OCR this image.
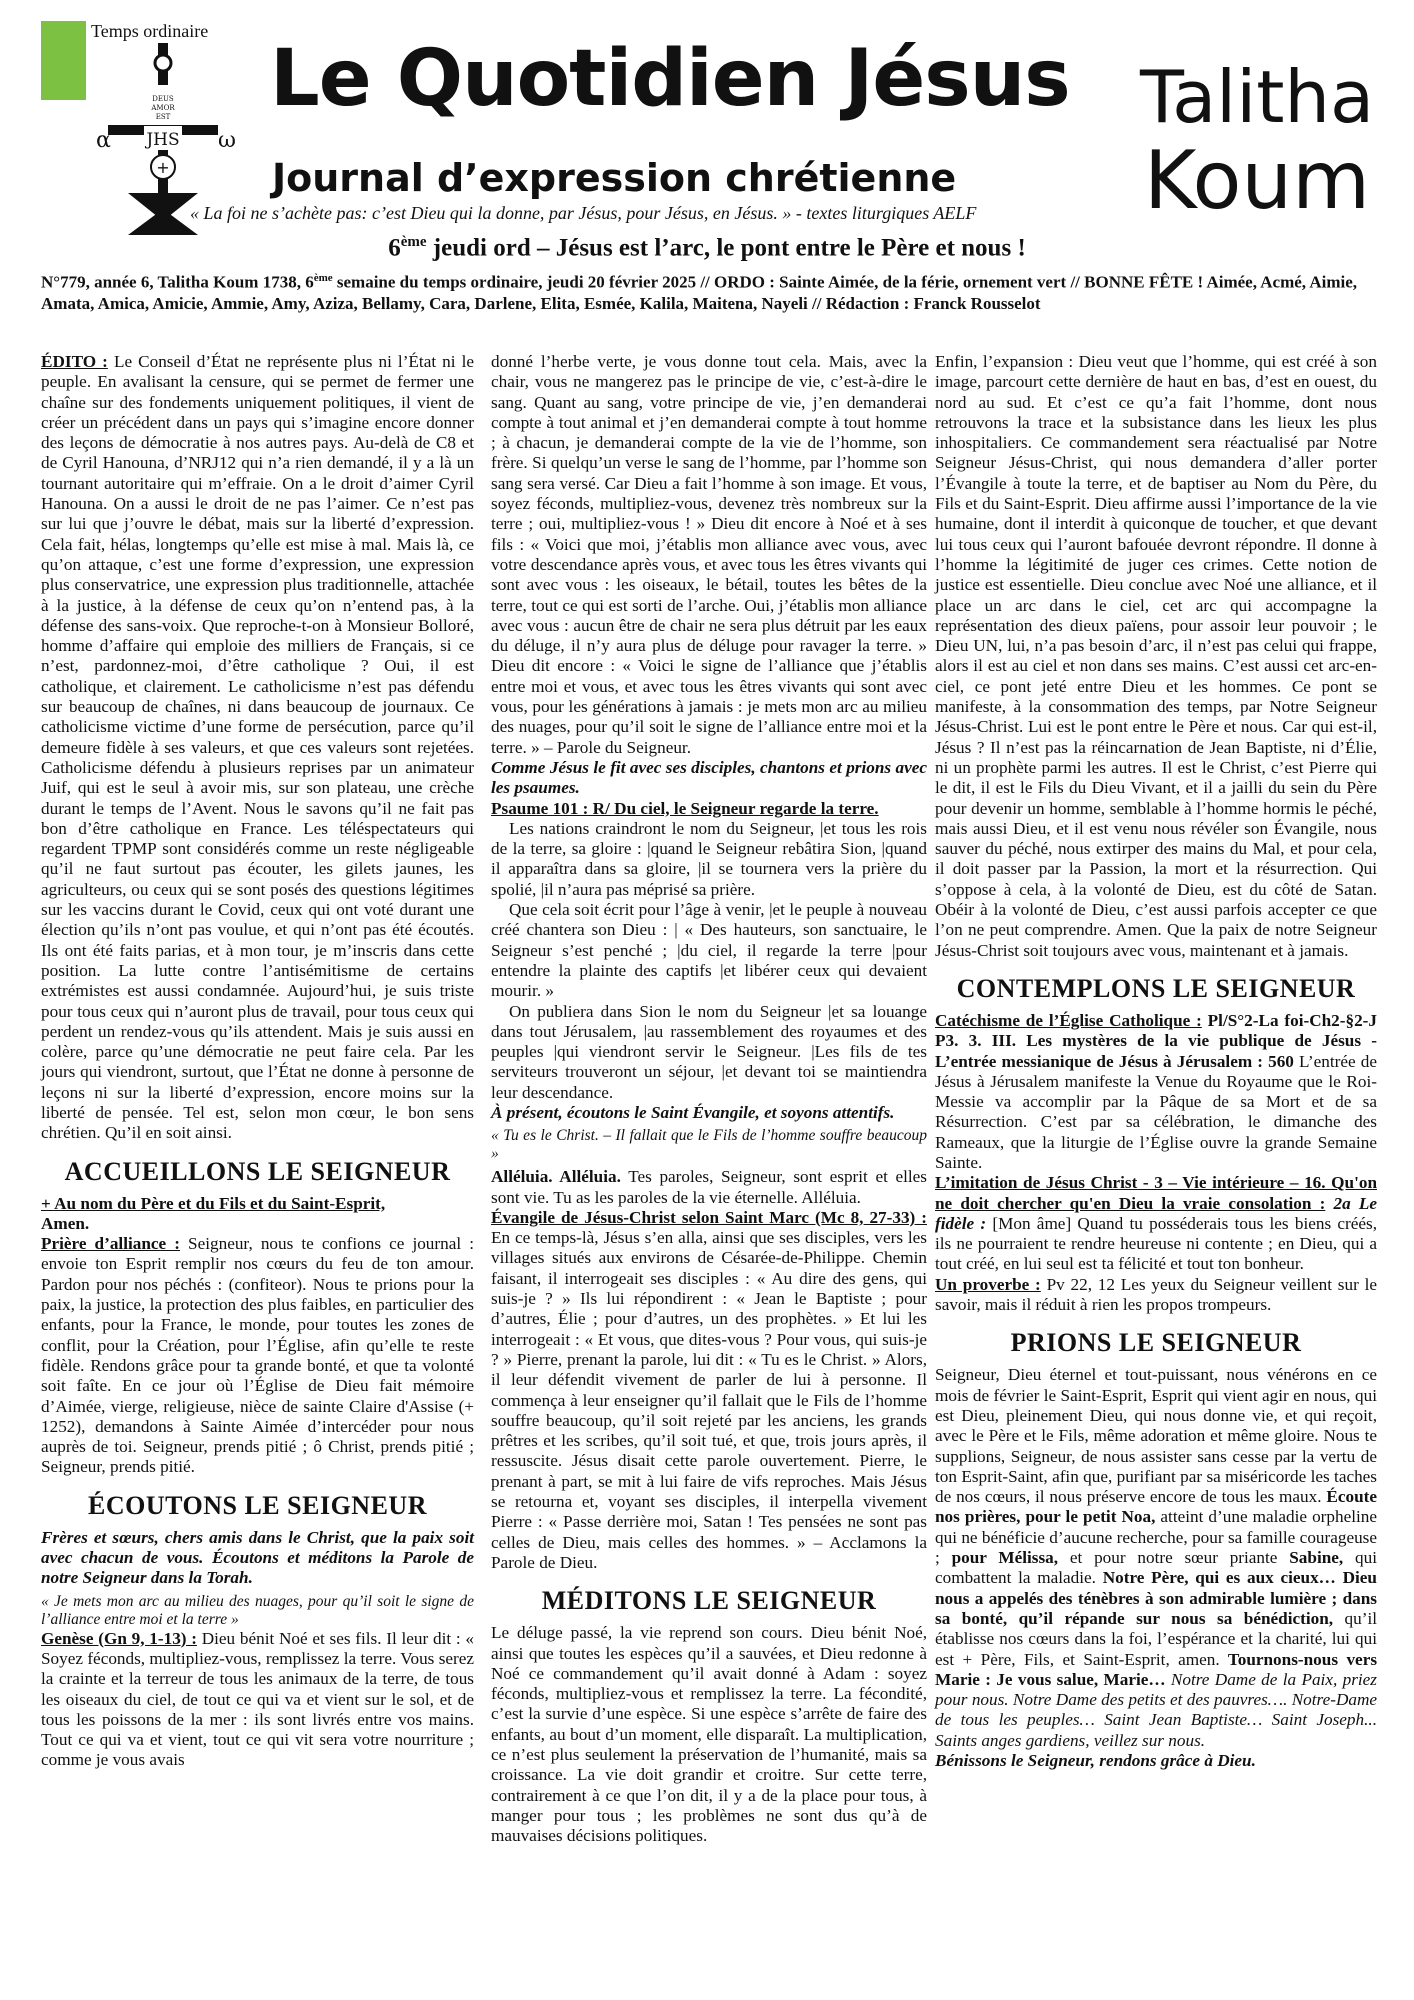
Temps ordinaire
DEUS
AMOR
EST
JHS
α	ω
+
Le Quotidien Jésus
Journal d’expression chrétienne
« La foi ne s’achète pas: c’est Dieu qui la donne, par Jésus, pour Jésus, en Jésus. » - textes liturgiques AELF
Talitha
Koum
6ème jeudi ord – Jésus est l’arc, le pont entre le Père et nous !
N°779, année 6, Talitha Koum 1738, 6ème semaine du temps ordinaire, jeudi 20 février 2025 // ORDO : Sainte Aimée, de la férie, ornement vert // BONNE FÊTE ! Aimée, Acmé, Aimie, Amata, Amica, Amicie, Ammie, Amy, Aziza, Bellamy, Cara, Darlene, Elita, Esmée, Kalila, Maitena, Nayeli // Rédaction : Franck Rousselot

ÉDITO : Le Conseil d’État ne représente plus ni l’État ni le peuple. En avalisant la censure, qui se permet de fermer une chaîne sur des fondements uniquement politiques, il vient de créer un précédent dans un pays qui s’imagine encore donner des leçons de démocratie à nos autres pays. Au-delà de C8 et de Cyril Hanouna, d’NRJ12 qui n’a rien demandé, il y a là un tournant autoritaire qui m’effraie. On a le droit d’aimer Cyril Hanouna. On a aussi le droit de ne pas l’aimer. Ce n’est pas sur lui que j’ouvre le débat, mais sur la liberté d’expression. Cela fait, hélas, longtemps qu’elle est mise à mal. Mais là, ce qu’on attaque, c’est une forme d’expression, une expression plus conservatrice, une expression plus traditionnelle, attachée à la justice, à la défense de ceux qu’on n’entend pas, à la défense des sans-voix. Que reproche-t-on à Monsieur Bolloré, homme d’affaire qui emploie des milliers de Français, si ce n’est, pardonnez-moi, d’être catholique ? Oui, il est catholique, et clairement. Le catholicisme n’est pas défendu sur beaucoup de chaînes, ni dans beaucoup de journaux. Ce catholicisme victime d’une forme de persécution, parce qu’il demeure fidèle à ses valeurs, et que ces valeurs sont rejetées. Catholicisme défendu à plusieurs reprises par un animateur Juif, qui est le seul à avoir mis, sur son plateau, une crèche durant le temps de l’Avent. Nous le savons qu’il ne fait pas bon d’être catholique en France. Les téléspectateurs qui regardent TPMP sont considérés comme un reste négligeable qu’il ne faut surtout pas écouter, les gilets jaunes, les agriculteurs, ou ceux qui se sont posés des questions légitimes sur les vaccins durant le Covid, ceux qui ont voté durant une élection qu’ils n’ont pas voulue, et qui n’ont pas été écoutés. Ils ont été faits parias, et à mon tour, je m’inscris dans cette position. La lutte contre l’antisémitisme de certains extrémistes est aussi condamnée. Aujourd’hui, je suis triste pour tous ceux qui n’auront plus de travail, pour tous ceux qui perdent un rendez-vous qu’ils attendent. Mais je suis aussi en colère, parce qu’une démocratie ne peut faire cela. Par les jours qui viendront, surtout, que l’État ne donne à personne de leçons ni sur la liberté d’expression, encore moins sur la liberté de pensée. Tel est, selon mon cœur, le bon sens chrétien. Qu’il en soit ainsi.

ACCUEILLONS LE SEIGNEUR

+ Au nom du Père et du Fils et du Saint-Esprit,

Amen.

Prière d’alliance : Seigneur, nous te confions ce journal : envoie ton Esprit remplir nos cœurs du feu de ton amour. Pardon pour nos péchés : (confiteor). Nous te prions pour la paix, la justice, la protection des plus faibles, en particulier des enfants, pour la France, le monde, pour toutes les zones de conflit, pour la Création, pour l’Église, afin qu’elle te reste fidèle. Rendons grâce pour ta grande bonté, et que ta volonté soit faîte. En ce jour où l’Église de Dieu fait mémoire d’Aimée, vierge, religieuse, nièce de sainte Claire d'Assise (+ 1252), demandons à Sainte Aimée d’intercéder pour nous auprès de toi. Seigneur, prends pitié ; ô Christ, prends pitié ; Seigneur, prends pitié.

ÉCOUTONS LE SEIGNEUR

Frères et sœurs, chers amis dans le Christ, que la paix soit avec chacun de vous. Écoutons et méditons la Parole de notre Seigneur dans la Torah.

« Je mets mon arc au milieu des nuages, pour qu’il soit le signe de l’alliance entre moi et la terre »

Genèse (Gn 9, 1-13) : Dieu bénit Noé et ses fils. Il leur dit : « Soyez féconds, multipliez-vous, remplissez la terre. Vous serez la crainte et la terreur de tous les animaux de la terre, de tous les oiseaux du ciel, de tout ce qui va et vient sur le sol, et de tous les poissons de la mer : ils sont livrés entre vos mains. Tout ce qui va et vient, tout ce qui vit sera votre nourriture ; comme je vous avais

donné l’herbe verte, je vous donne tout cela. Mais, avec la chair, vous ne mangerez pas le principe de vie, c’est-à-dire le sang. Quant au sang, votre principe de vie, j’en demanderai compte à tout animal et j’en demanderai compte à tout homme ; à chacun, je demanderai compte de la vie de l’homme, son frère. Si quelqu’un verse le sang de l’homme, par l’homme son sang sera versé. Car Dieu a fait l’homme à son image. Et vous, soyez féconds, multipliez-vous, devenez très nombreux sur la terre ; oui, multipliez-vous ! » Dieu dit encore à Noé et à ses fils : « Voici que moi, j’établis mon alliance avec vous, avec votre descendance après vous, et avec tous les êtres vivants qui sont avec vous : les oiseaux, le bétail, toutes les bêtes de la terre, tout ce qui est sorti de l’arche. Oui, j’établis mon alliance avec vous : aucun être de chair ne sera plus détruit par les eaux du déluge, il n’y aura plus de déluge pour ravager la terre. » Dieu dit encore : « Voici le signe de l’alliance que j’établis entre moi et vous, et avec tous les êtres vivants qui sont avec vous, pour les générations à jamais : je mets mon arc au milieu des nuages, pour qu’il soit le signe de l’alliance entre moi et la terre. » – Parole du Seigneur.

Comme Jésus le fit avec ses disciples, chantons et prions avec les psaumes.

Psaume 101 : R/ Du ciel, le Seigneur regarde la terre.

Les nations craindront le nom du Seigneur, |et tous les rois de la terre, sa gloire : |quand le Seigneur rebâtira Sion, |quand il apparaîtra dans sa gloire, |il se tournera vers la prière du spolié, |il n’aura pas méprisé sa prière.

Que cela soit écrit pour l’âge à venir, |et le peuple à nouveau créé chantera son Dieu : | « Des hauteurs, son sanctuaire, le Seigneur s’est penché ; |du ciel, il regarde la terre |pour entendre la plainte des captifs |et libérer ceux qui devaient mourir. »

On publiera dans Sion le nom du Seigneur |et sa louange dans tout Jérusalem, |au rassemblement des royaumes et des peuples |qui viendront servir le Seigneur. |Les fils de tes serviteurs trouveront un séjour, |et devant toi se maintiendra leur descendance.

À présent, écoutons le Saint Évangile, et soyons attentifs.

« Tu es le Christ. – Il fallait que le Fils de l’homme souffre beaucoup »

Alléluia. Alléluia. Tes paroles, Seigneur, sont esprit et elles sont vie. Tu as les paroles de la vie éternelle. Alléluia.

Évangile de Jésus-Christ selon Saint Marc (Mc 8, 27-33) : En ce temps-là, Jésus s’en alla, ainsi que ses disciples, vers les villages situés aux environs de Césarée-de-Philippe. Chemin faisant, il interrogeait ses disciples : « Au dire des gens, qui suis-je ? » Ils lui répondirent : « Jean le Baptiste ; pour d’autres, Élie ; pour d’autres, un des prophètes. » Et lui les interrogeait : « Et vous, que dites-vous ? Pour vous, qui suis-je ? » Pierre, prenant la parole, lui dit : « Tu es le Christ. » Alors, il leur défendit vivement de parler de lui à personne. Il commença à leur enseigner qu’il fallait que le Fils de l’homme souffre beaucoup, qu’il soit rejeté par les anciens, les grands prêtres et les scribes, qu’il soit tué, et que, trois jours après, il ressuscite. Jésus disait cette parole ouvertement. Pierre, le prenant à part, se mit à lui faire de vifs reproches. Mais Jésus se retourna et, voyant ses disciples, il interpella vivement Pierre : « Passe derrière moi, Satan ! Tes pensées ne sont pas celles de Dieu, mais celles des hommes. » – Acclamons la Parole de Dieu.

MÉDITONS LE SEIGNEUR

Le déluge passé, la vie reprend son cours. Dieu bénit Noé, ainsi que toutes les espèces qu’il a sauvées, et Dieu redonne à Noé ce commandement qu’il avait donné à Adam : soyez féconds, multipliez-vous et remplissez la terre. La fécondité, c’est la survie d’une espèce. Si une espèce s’arrête de faire des enfants, au bout d’un moment, elle disparaît. La multiplication, ce n’est plus seulement la préservation de l’humanité, mais sa croissance. La vie doit grandir et croitre. Sur cette terre, contrairement à ce que l’on dit, il y a de la place pour tous, à manger pour tous ; les problèmes ne sont dus qu’à de mauvaises décisions politiques.

Enfin, l’expansion : Dieu veut que l’homme, qui est créé à son image, parcourt cette dernière de haut en bas, d’est en ouest, du nord au sud. Et c’est ce qu’a fait l’homme, dont nous retrouvons la trace et la subsistance dans les lieux les plus inhospitaliers. Ce commandement sera réactualisé par Notre Seigneur Jésus-Christ, qui nous demandera d’aller porter l’Évangile à toute la terre, et de baptiser au Nom du Père, du Fils et du Saint-Esprit. Dieu affirme aussi l’importance de la vie humaine, dont il interdit à quiconque de toucher, et que devant lui tous ceux qui l’auront bafouée devront répondre. Il donne à l’homme la légitimité de juger ces crimes. Cette notion de justice est essentielle. Dieu conclue avec Noé une alliance, et il place un arc dans le ciel, cet arc qui accompagne la représentation des dieux païens, pour assoir leur pouvoir ; le Dieu UN, lui, n’a pas besoin d’arc, il n’est pas celui qui frappe, alors il est au ciel et non dans ses mains. C’est aussi cet arc-en-ciel, ce pont jeté entre Dieu et les hommes. Ce pont se manifeste, à la consommation des temps, par Notre Seigneur Jésus-Christ. Lui est le pont entre le Père et nous. Car qui est-il, Jésus ? Il n’est pas la réincarnation de Jean Baptiste, ni d’Élie, ni un prophète parmi les autres. Il est le Christ, c’est Pierre qui le dit, il est le Fils du Dieu Vivant, et il a jailli du sein du Père pour devenir un homme, semblable à l’homme hormis le péché, mais aussi Dieu, et il est venu nous révéler son Évangile, nous sauver du péché, nous extirper des mains du Mal, et pour cela, il doit passer par la Passion, la mort et la résurrection. Qui s’oppose à cela, à la volonté de Dieu, est du côté de Satan. Obéir à la volonté de Dieu, c’est aussi parfois accepter ce que l’on ne peut comprendre. Amen. Que la paix de notre Seigneur Jésus-Christ soit toujours avec vous, maintenant et à jamais.

CONTEMPLONS LE SEIGNEUR

Catéchisme de l’Église Catholique : Pl/S°2-La foi-Ch2-§2-J P3. 3. III. Les mystères de la vie publique de Jésus - L’entrée messianique de Jésus à Jérusalem : 560 L’entrée de Jésus à Jérusalem manifeste la Venue du Royaume que le Roi-Messie va accomplir par la Pâque de sa Mort et de sa Résurrection. C’est par sa célébration, le dimanche des Rameaux, que la liturgie de l’Église ouvre la grande Semaine Sainte.

L’imitation de Jésus Christ - 3 – Vie intérieure – 16. Qu'on ne doit chercher qu'en Dieu la vraie consolation : 2a Le fidèle : [Mon âme] Quand tu posséderais tous les biens créés, ils ne pourraient te rendre heureuse ni contente ; en Dieu, qui a tout créé, en lui seul est ta félicité et tout ton bonheur.

Un proverbe : Pv 22, 12 Les yeux du Seigneur veillent sur le savoir, mais il réduit à rien les propos trompeurs.

PRIONS LE SEIGNEUR

Seigneur, Dieu éternel et tout-puissant, nous vénérons en ce mois de février le Saint-Esprit, Esprit qui vient agir en nous, qui est Dieu, pleinement Dieu, qui nous donne vie, et qui reçoit, avec le Père et le Fils, même adoration et même gloire. Nous te supplions, Seigneur, de nous assister sans cesse par la vertu de ton Esprit-Saint, afin que, purifiant par sa miséricorde les taches de nos cœurs, il nous préserve encore de tous les maux. Écoute nos prières, pour le petit Noa, atteint d’une maladie orpheline qui ne bénéficie d’aucune recherche, pour sa famille courageuse ; pour Mélissa, et pour notre sœur priante Sabine, qui combattent la maladie. Notre Père, qui es aux cieux… Dieu nous a appelés des ténèbres à son admirable lumière ; dans sa bonté, qu’il répande sur nous sa bénédiction, qu’il établisse nos cœurs dans la foi, l’espérance et la charité, lui qui est + Père, Fils, et Saint-Esprit, amen. Tournons-nous vers Marie : Je vous salue, Marie… Notre Dame de la Paix, priez pour nous. Notre Dame des petits et des pauvres…. Notre-Dame de tous les peuples… Saint Jean Baptiste… Saint Joseph... Saints anges gardiens, veillez sur nous.

Bénissons le Seigneur, rendons grâce à Dieu.
